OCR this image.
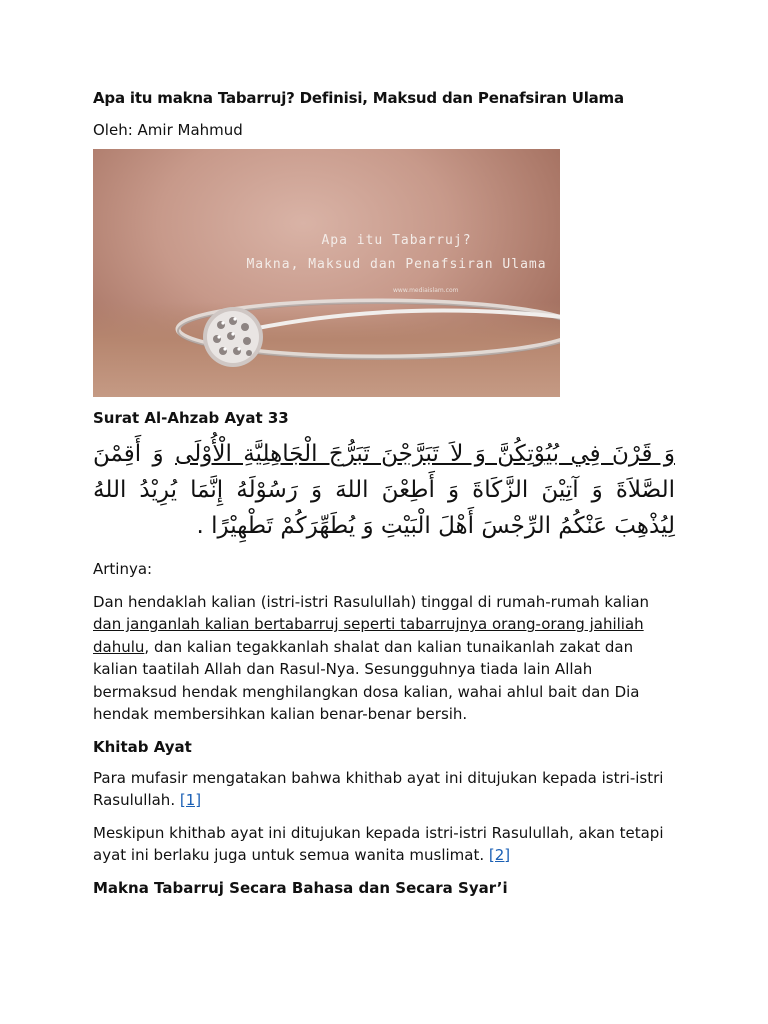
Apa itu makna Tabarruj? Definisi, Maksud dan Penafsiran Ulama

Oleh: Amir Mahmud
Apa itu Tabarruj?
Makna, Maksud dan Penafsiran Ulama
www.mediaislam.com
Surat Al-Ahzab Ayat 33
وَ قَرْنَ فِي بُيُوْتِكُنَّ وَ لاَ تَبَرَّجْنَ تَبَرُّجَ الْجَاهِلِيَّةِ الْأُوْلَى وَ أَقِمْنَ الصَّلاَةَ وَ آتِيْنَ الزَّكَاةَ وَ أَطِعْنَ اللهَ وَ رَسُوْلَهُ إِنَّمَا يُرِيْدُ اللهُ لِيُذْهِبَ عَنْكُمُ الرِّجْسَ أَهْلَ الْبَيْتِ وَ يُطَهِّرَكُمْ تَطْهِيْرًا .
Artinya:
Dan hendaklah kalian (istri-istri Rasulullah) tinggal di rumah-rumah kalian dan janganlah kalian bertabarruj seperti tabarrujnya orang-orang jahiliah dahulu, dan kalian tegakkanlah shalat dan kalian tunaikanlah zakat dan kalian taatilah Allah dan Rasul-Nya. Sesungguhnya tiada lain Allah bermaksud hendak menghilangkan dosa kalian, wahai ahlul bait dan Dia hendak membersihkan kalian benar-benar bersih.
Khitab Ayat
Para mufasir mengatakan bahwa khithab ayat ini ditujukan kepada istri-istri Rasulullah. [1]
Meskipun khithab ayat ini ditujukan kepada istri-istri Rasulullah, akan tetapi ayat ini berlaku juga untuk semua wanita muslimat. [2]
Makna Tabarruj Secara Bahasa dan Secara Syar’i
